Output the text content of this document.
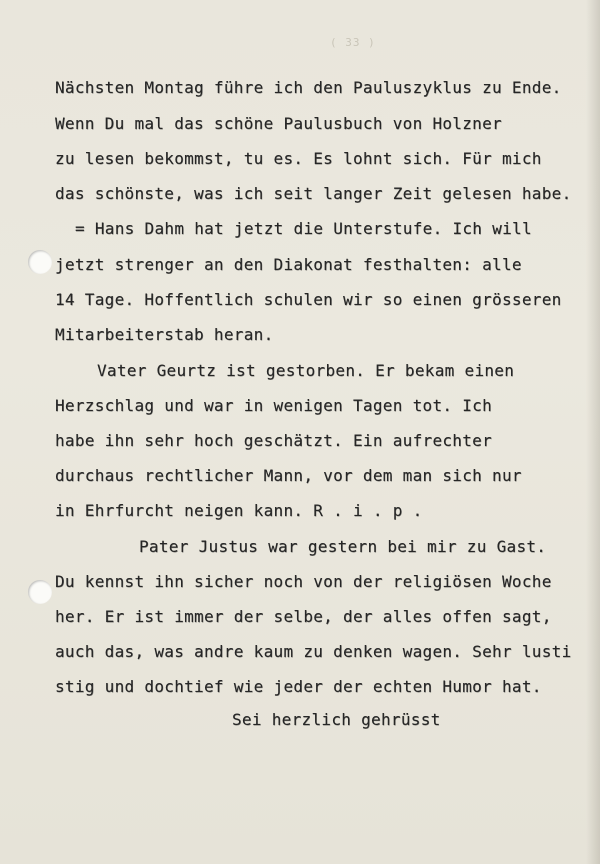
( 33 )
Nächsten Montag führe ich den Pauluszyklus zu Ende.
Wenn Du mal das schöne Paulusbuch von Holzner
zu lesen bekommst, tu es. Es lohnt sich. Für mich
das schönste, was ich seit langer Zeit gelesen habe.
= Hans Dahm hat jetzt die Unterstufe. Ich will
jetzt strenger an den Diakonat festhalten: alle
14 Tage. Hoffentlich schulen wir so einen grösseren
Mitarbeiterstab heran.
Vater Geurtz ist gestorben. Er bekam einen
Herzschlag und war in wenigen Tagen tot. Ich
habe ihn sehr hoch geschätzt. Ein aufrechter
durchaus rechtlicher Mann, vor dem man sich nur
in Ehrfurcht neigen kann. R . i . p .
Pater Justus war gestern bei mir zu Gast.
Du kennst ihn sicher noch von der religiösen Woche
her. Er ist immer der selbe, der alles offen sagt,
auch das, was andre kaum zu denken wagen. Sehr lusti
stig und dochtief wie jeder der echten Humor hat.
Sei herzlich gehrüsst
